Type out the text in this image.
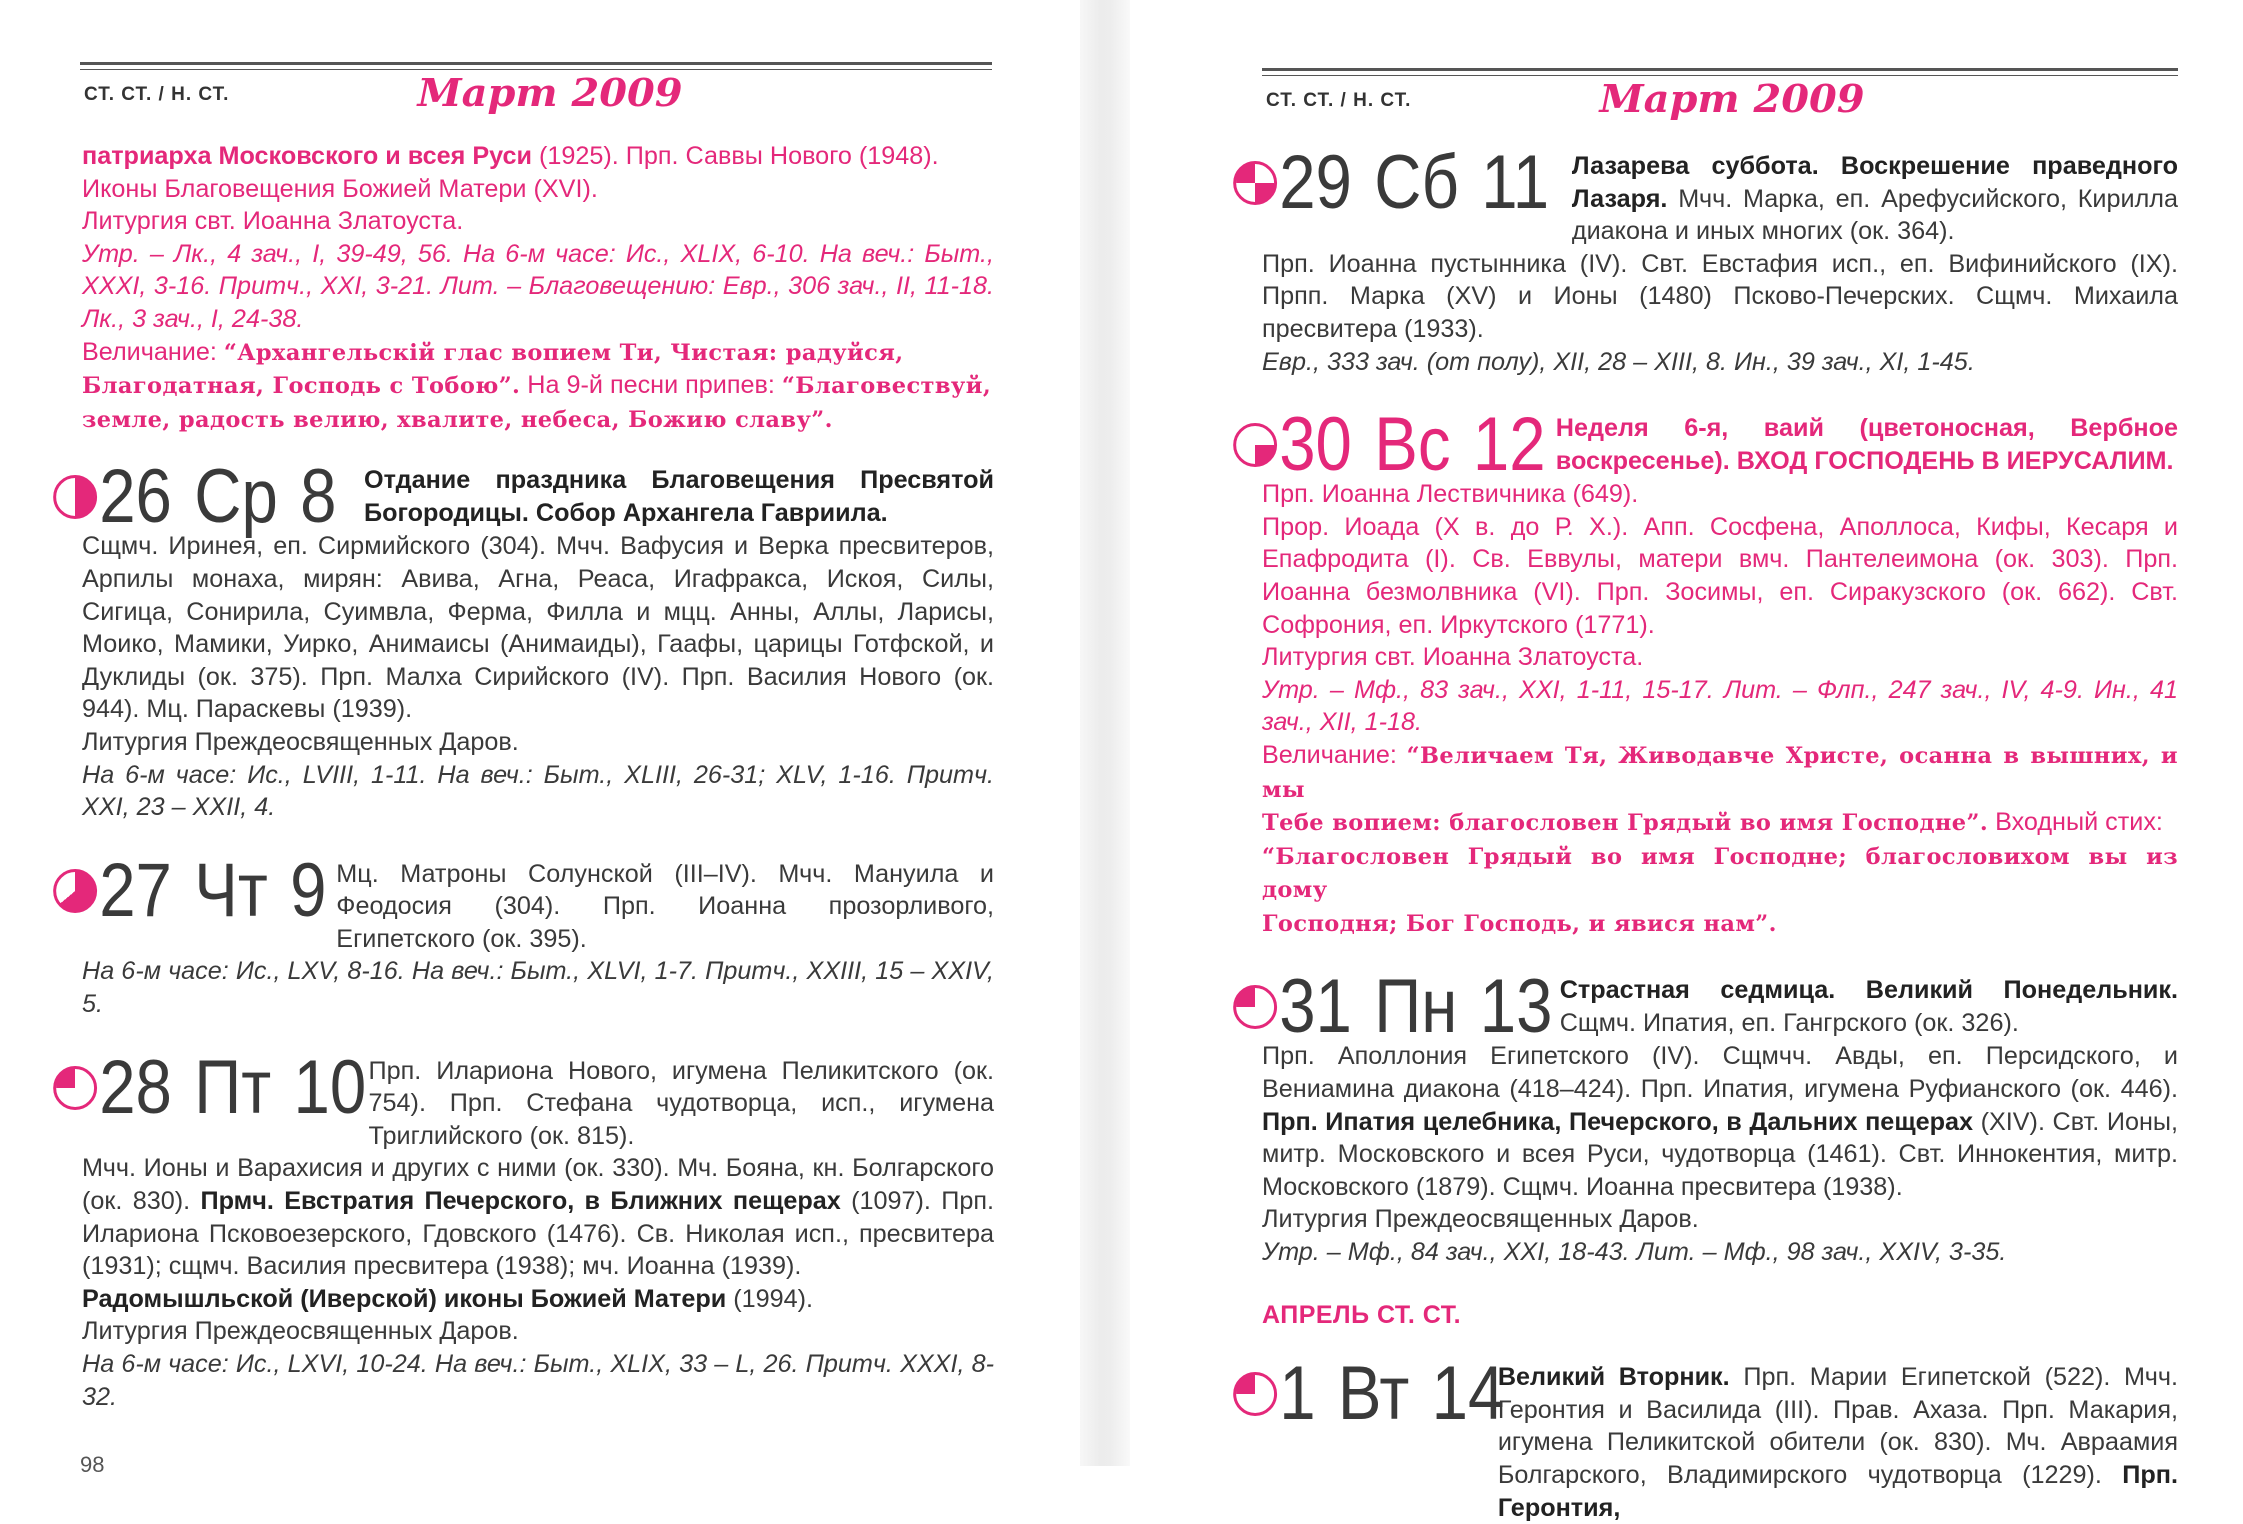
СТ. СТ. / Н. СТ.	Март 2009

патриарха Московского и всея Руси (1925). Прп. Саввы Нового (1948).

Иконы Благовещения Божией Матери (XVI).

Литургия свт. Иоанна Златоуста.

Утр. – Лк., 4 зач., I, 39-49, 56. На 6-м часе: Ис., XLIX, 6-10. На веч.: Быт., XXXI, 3-16. Притч., XXI, 3-21. Лит. – Благовещению: Евр., 306 зач., II, 11-18. Лк., 3 зач., I, 24-38.

Величание: “Архангельскій глас вопием Ти, Чистая: радуйся,
Благодатная, Господь с Тобою”. На 9-й песни припев: “Благовествуй,
земле, радость велию, хвалите, небеса, Божию славу”.

26 Ср 8 Отдание праздника Благовещения Пресвятой Богородицы. Собор Архангела Гавриила.

Сщмч. Иринея, еп. Сирмийского (304). Мчч. Вафусия и Верка пресвитеров, Арпилы монаха, мирян: Авива, Агна, Реаса, Игафракса, Искоя, Силы, Сигица, Сонирила, Суимвла, Ферма, Филла и мцц. Анны, Аллы, Ларисы, Моико, Мамики, Уирко, Анимаисы (Анимаиды), Гаафы, царицы Готфской, и Дуклиды (ок. 375). Прп. Малха Сирийского (IV). Прп. Василия Нового (ок. 944). Мц. Параскевы (1939).

Литургия Преждеосвященных Даров.

На 6-м часе: Ис., LVIII, 1-11. На веч.: Быт., XLIII, 26-31; XLV, 1-16. Притч. XXI, 23 – XXII, 4.

27 Чт 9 Мц. Матроны Солунской (III–IV). Мчч. Мануила и Феодосия (304). Прп. Иоанна прозорливого, Египетского (ок. 395).

На 6-м часе: Ис., LXV, 8-16. На веч.: Быт., XLVI, 1-7. Притч., XXIII, 15 – XXIV, 5.

28 Пт 10 Прп. Илариона Нового, игумена Пеликитского (ок. 754). Прп. Стефана чудотворца, исп., игумена Триглийского (ок. 815).

Мчч. Ионы и Варахисия и других с ними (ок. 330). Мч. Бояна, кн. Болгарского (ок. 830). Прмч. Евстратия Печерского, в Ближних пещерах (1097). Прп. Илариона Псковоезерского, Гдовского (1476). Св. Николая исп., пресвитера (1931); сщмч. Василия пресвитера (1938); мч. Иоанна (1939).

Радомышльской (Иверской) иконы Божией Матери (1994).

Литургия Преждеосвященных Даров.

На 6-м часе: Ис., LXVI, 10-24. На веч.: Быт., XLIX, 33 – L, 26. Притч. XXXI, 8-32.

98
СТ. СТ. / Н. СТ.	Март 2009
29 Сб 11 Лазарева суббота. Воскрешение праведного Лазаря. Мчч. Марка, еп. Арефусийского, Кирилла диакона и иных многих (ок. 364).

Прп. Иоанна пустынника (IV). Свт. Евстафия исп., еп. Вифинийского (IX). Прпп. Марка (XV) и Ионы (1480) Псково-Печерских. Сщмч. Михаила пресвитера (1933).

Евр., 333 зач. (от полу), XII, 28 – XIII, 8. Ин., 39 зач., XI, 1-45.

30 Вс 12 Неделя 6-я, ваий (цветоносная, Вербное воскресенье). ВХОД ГОСПОДЕНЬ В ИЕРУСАЛИМ.

Прп. Иоанна Лествичника (649).

Прор. Иоада (X в. до Р. Х.). Апп. Сосфена, Аполлоса, Кифы, Кесаря и Епафродита (I). Св. Еввулы, матери вмч. Пантелеимона (ок. 303). Прп. Иоанна безмолвника (VI). Прп. Зосимы, еп. Сиракузского (ок. 662). Свт. Софрония, еп. Иркутского (1771).

Литургия свт. Иоанна Златоуста.

Утр. – Мф., 83 зач., XXI, 1-11, 15-17. Лит. – Флп., 247 зач., IV, 4-9. Ин., 41 зач., XII, 1-18.

Величание: “Величаем Тя, Живодавче Христе, осанна в вышних, и мы
Тебе вопием: благословен Грядый во имя Господне”. Входный стих:
“Благословен Грядый во имя Господне; благословихом вы из дому
Господня; Бог Господь, и явися нам”.

31 Пн 13 Страстная седмица. Великий Понедельник. Сщмч. Ипатия, еп. Гангрского (ок. 326).

Прп. Аполлония Египетского (IV). Сщмчч. Авды, еп. Персидского, и Вениамина диакона (418–424). Прп. Ипатия, игумена Руфианского (ок. 446). Прп. Ипатия целебника, Печерского, в Дальних пещерах (XIV). Свт. Ионы, митр. Московского и всея Руси, чудотворца (1461). Свт. Иннокентия, митр. Московского (1879). Сщмч. Иоанна пресвитера (1938).

Литургия Преждеосвященных Даров.

Утр. – Мф., 84 зач., XXI, 18-43. Лит. – Мф., 98 зач., XXIV, 3-35.

АПРЕЛЬ СТ. СТ.
1 Вт 14
Великий Вторник. Прп. Марии Египетской (522). Мчч. Геронтия и Василида (III). Прав. Ахаза. Прп. Макария, игумена Пеликитской обители (ок. 830). Мч. Авраамия Болгарского, Владимирского чудотворца (1229). Прп. Геронтия,
